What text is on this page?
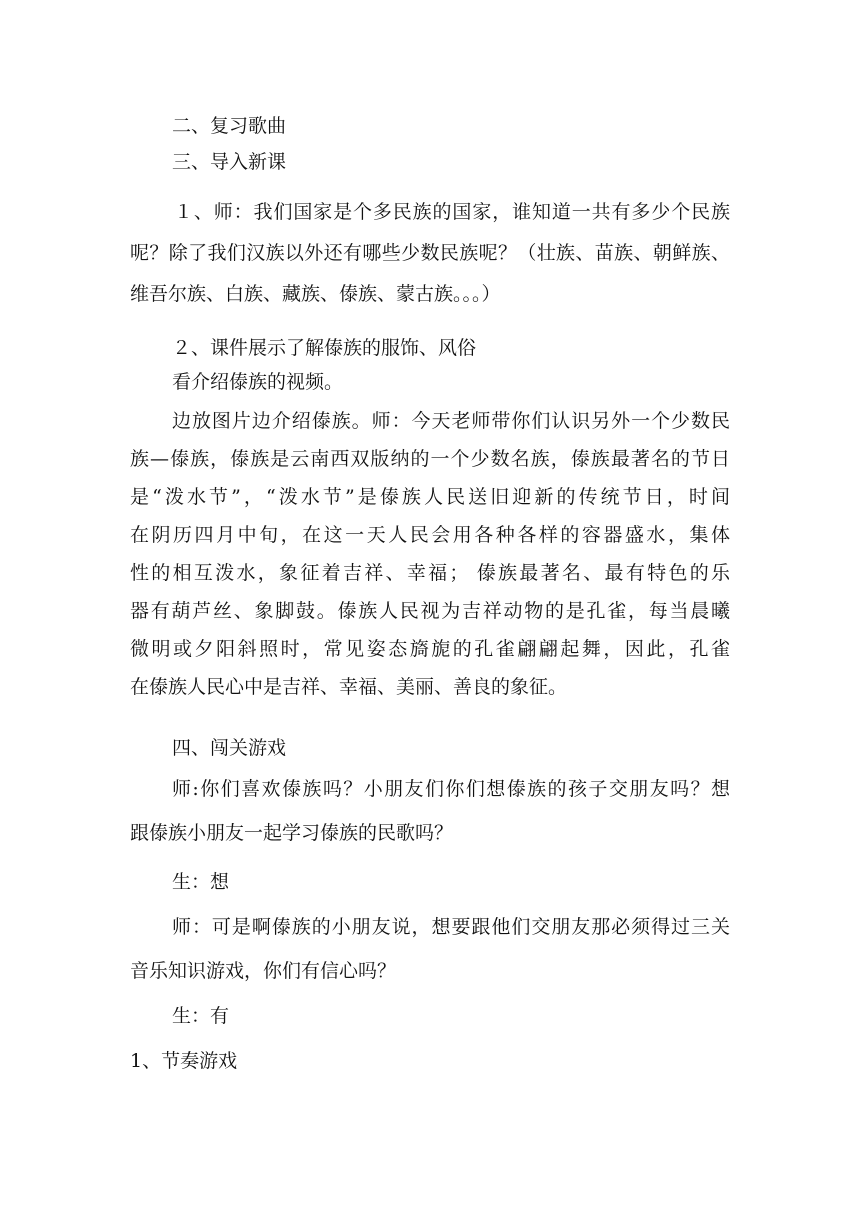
二、复习歌曲
三、导入新课
１、师：我们国家是个多民族的国家，谁知道一共有多少个民族
呢？除了我们汉族以外还有哪些少数民族呢？（壮族、苗族、朝鲜族、
维吾尔族、白族、藏族、傣族、蒙古族。。。）
２、课件展示了解傣族的服饰、风俗
看介绍傣族的视频。
边放图片边介绍傣族。师：今天老师带你们认识另外一个少数民
族—傣族，傣族是云南西双版纳的一个少数名族，傣族最著名的节日
是“泼水节”，“泼水节”是傣族人民送旧迎新的传统节日，时间
在阴历四月中旬，在这一天人民会用各种各样的容器盛水，集体
性的相互泼水，象征着吉祥、幸福； 傣族最著名、最有特色的乐
器有葫芦丝、象脚鼓。傣族人民视为吉祥动物的是孔雀，每当晨曦
微明或夕阳斜照时，常见姿态旖旎的孔雀翩翩起舞，因此，孔雀
在傣族人民心中是吉祥、幸福、美丽、善良的象征。
四、闯关游戏
师:你们喜欢傣族吗？小朋友们你们想傣族的孩子交朋友吗？想
跟傣族小朋友一起学习傣族的民歌吗？
生：想
师：可是啊傣族的小朋友说，想要跟他们交朋友那必须得过三关
音乐知识游戏，你们有信心吗？
生：有
1、节奏游戏
